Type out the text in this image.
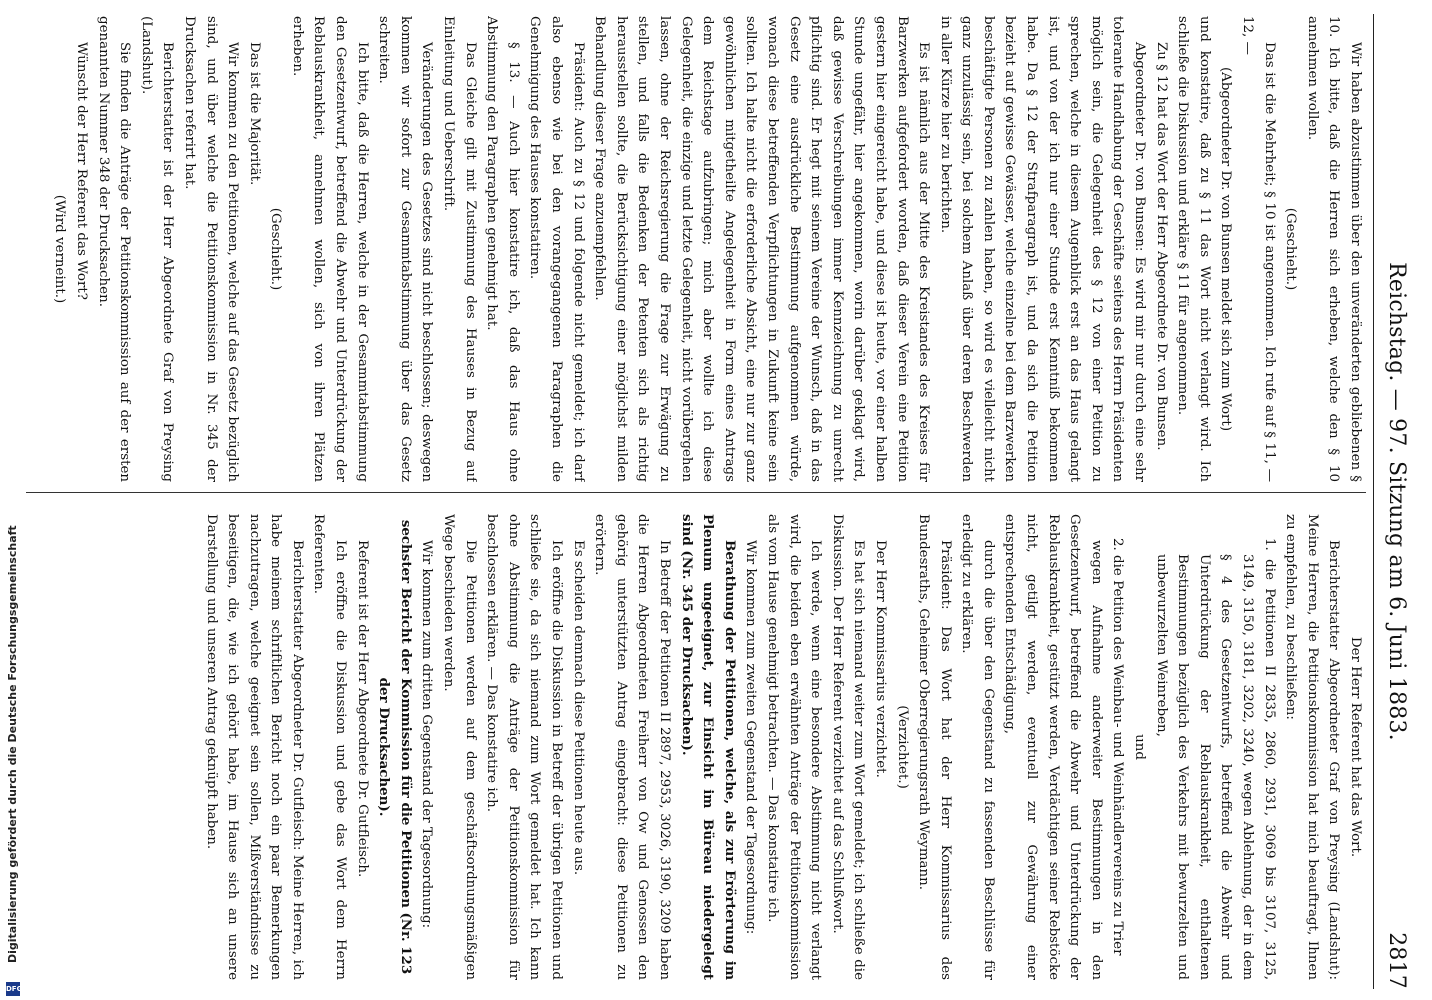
Reichstag. — 97. Sitzung am 6. Juni 1883.
2817

Wir haben abzustimmen über den unveränderten gebliebenen § 10. Ich bitte, daß die Herren sich erheben, welche den § 10 annehmen wollen.

(Geschieht.)

Das ist die Mehrheit; § 10 ist angenommen. Ich rufe auf § 11, — 12, —

(Abgeordneter Dr. von Bunsen meldet sich zum Wort)

und konstatire, daß zu § 11 das Wort nicht verlangt wird. Ich schließe die Diskussion und erkläre § 11 für angenommen.

Zu § 12 hat das Wort der Herr Abgeordnete Dr. von Bunsen.

Abgeordneter Dr. von Bunsen: Es wird mir nur durch eine sehr tolerante Handhabung der Geschäfte seitens des Herrn Präsidenten möglich sein, die Gelegenheit des § 12 von einer Petition zu sprechen, welche in diesem Augenblick erst an das Haus gelangt ist, und von der ich nur einer Stunde erst Kenntniß bekommen habe. Da § 12 der Strafparagraph ist, und da sich die Petition bezieht auf gewisse Gewässer, welche einzelne bei dem Barzwerken beschäftigte Personen zu zahlen haben, so wird es vielleicht nicht ganz unzulässig sein, bei solchem Anlaß über deren Beschwerden in aller Kürze hier zu berichten.

Es ist nämlich aus der Mitte des Kreistandes des Kreises für Barzwerken aufgefordert worden, daß dieser Verein eine Petition gestern hier eingereicht habe, und diese ist heute, vor einer halben Stunde ungefähr, hier angekommen, worin darüber geklagt wird, daß gewisse Verschreibungen immer Kennzeichnung zu unrecht pflichtig sind. Er hegt mit seinem Vereine der Wunsch, daß in das Gesetz eine ausdrückliche Bestimmung aufgenommen würde, wonach diese betreffenden Verpflichtungen in Zukunft keine sein sollten. Ich halte nicht die erforderliche Absicht, eine nur zur ganz gewöhnlichen mitgetheilte Angelegenheit in Form eines Antrags dem Reichstage aufzubringen; mich aber wollte ich diese Gelegenheit, die einzige und letzte Gelegenheit, nicht vorübergehen lassen, ohne der Reichsregierung die Frage zur Erwägung zu stellen, und falls die Bedenken der Petenten sich als richtig herausstellen sollte, die Berücksichtigung einer möglichst milden Behandlung dieser Frage anzuempfehlen.

Präsident: Auch zu § 12 und folgende nicht gemeldet; ich darf also ebenso wie bei den vorangegangenen Paragraphen die Genehmigung des Hauses konstatiren.

§ 13. — Auch hier konstatire ich, daß das Haus ohne Abstimmung den Paragraphen genehmigt hat.

Das Gleiche gilt mit Zustimmung des Hauses in Bezug auf Einleitung und Ueberschrift.

Veränderungen des Gesetzes sind nicht beschlossen; deswegen kommen wir sofort zur Gesammtabstimmung über das Gesetz schreiten.

Ich bitte, daß die Herren, welche in der Gesammtabstimmung den Gesetzentwurf, betreffend die Abwehr und Unterdrückung der Reblauskrankheit, annehmen wollen, sich von ihren Plätzen erheben.

(Geschieht.)

Das ist die Majorität.

Wir kommen zu den Petitionen, welche auf das Gesetz bezüglich sind, und über welche die Petitionskommission in Nr. 345 der Drucksachen referirt hat.

Berichterstatter ist der Herr Abgeordnete Graf von Preysing (Landshut).

Sie finden die Anträge der Petitionskommission auf der ersten genannten Nummer 348 der Drucksachen.

Wünscht der Herr Referent das Wort?

(Wird verneint.)

Der Herr Referent hat das Wort.

Berichterstatter Abgeordneter Graf von Preysing (Landshut): Meine Herren, die Petitionskommission hat mich beauftragt, Ihnen zu empfehlen, zu beschließen:

1. die Petitionen II 2835, 2860, 2931, 3069 bis 3107, 3125, 3149, 3150, 3181, 3202, 3240, wegen Ablehnung, der in dem § 4 des Gesetzentwurfs, betreffend die Abwehr und Unterdrückung der Reblauskrankheit, enthaltenen Bestimmungen bezüglich des Verkehrs mit bewurzelten und unbewurzelten Weinreben,

und

2. die Petition des Weinbau- und Weinhändlervereins zu Trier

wegen Aufnahme anderweiter Bestimmungen in den Gesetzentwurf, betreffend die Abwehr und Unterdrückung der Reblauskrankheit, gestützt werden, Verdächtigen seiner Rebstöcke nicht, getilgt werden, eventuell zur Gewährung einer entsprechenden Entschädigung,

durch die über den Gegenstand zu fassenden Beschlüsse für erledigt zu erklären.

Präsident: Das Wort hat der Herr Kommissarius des Bundesraths, Geheimer Oberregierungsrath Weymann.

(Verzichtet.)

Der Herr Kommissarius verzichtet.

Es hat sich niemand weiter zum Wort gemeldet; ich schließe die Diskussion. Der Herr Referent verzichtet auf das Schlußwort.

Ich werde, wenn eine besondere Abstimmung nicht verlangt wird, die beiden eben erwähnten Anträge der Petitionskommission als vom Hause genehmigt betrachten. — Das konstatire ich.

Wir kommen zum zweiten Gegenstand der Tagesordnung:

Berathung der Petitionen, welche, als zur Erörterung im Plenum ungeeignet, zur Einsicht im Büreau niedergelegt sind (Nr. 345 der Drucksachen).

In Betreff der Petitionen II 2897, 2953, 3026, 3190, 3209 haben die Herren Abgeordneten Freiherr von Ow und Genossen den gehörig unterstützten Antrag eingebracht: diese Petitionen zu erörtern.

Es scheiden demnach diese Petitionen heute aus.

Ich eröffne die Diskussion in Betreff der übrigen Petitionen und schließe sie, da sich niemand zum Wort gemeldet hat. Ich kann ohne Abstimmung die Anträge der Petitionskommission für beschlossen erklären. — Das konstatire ich.

Die Petitionen werden auf dem geschäftsordnungsmäßigen Wege beschieden werden.

Wir kommen zum dritten Gegenstand der Tagesordnung:

sechster Bericht der Kommission für die Petitionen (Nr. 123 der Drucksachen).

Referent ist der Herr Abgeordnete Dr. Gutfleisch.

Ich eröffne die Diskussion und gebe das Wort dem Herrn Referenten.

Berichterstatter Abgeordneter Dr. Gutfleisch: Meine Herren, ich habe meinem schriftlichen Bericht noch ein paar Bemerkungen nachzutragen, welche geeignet sein sollen, Mißverständnisse zu beseitigen, die, wie ich gehört habe, im Hause sich an unsere Darstellung und unseren Antrag geknüpft haben.

Digitalisierung gefördert durch die Deutsche Forschungsgemeinschaft
DFG
